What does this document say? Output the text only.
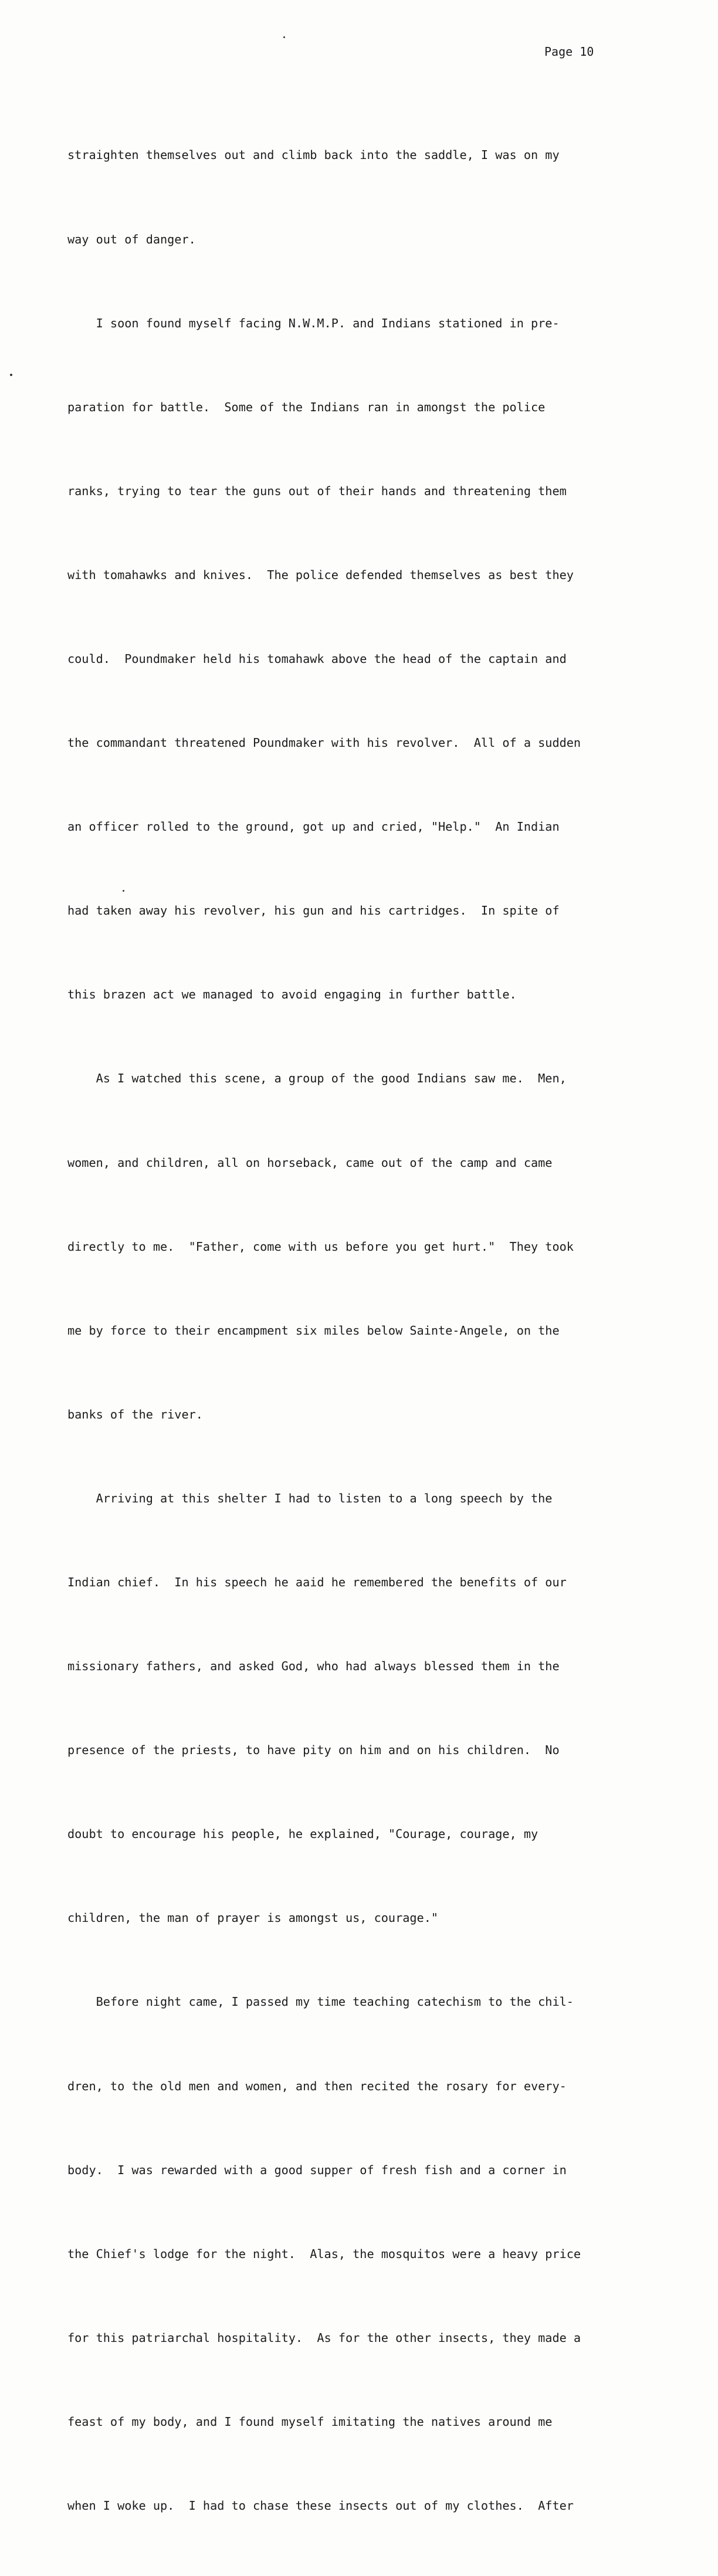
Page 10

straighten themselves out and climb back into the saddle, I was on my

way out of danger.

I soon found myself facing N.W.M.P. and Indians stationed in pre-

paration for battle.  Some of the Indians ran in amongst the police

ranks, trying to tear the guns out of their hands and threatening them

with tomahawks and knives.  The police defended themselves as best they

could.  Poundmaker held his tomahawk above the head of the captain and

the commandant threatened Poundmaker with his revolver.  All of a sudden

an officer rolled to the ground, got up and cried, "Help."  An Indian

had taken away his revolver, his gun and his cartridges.  In spite of

this brazen act we managed to avoid engaging in further battle.

As I watched this scene, a group of the good Indians saw me.  Men,

women, and children, all on horseback, came out of the camp and came

directly to me.  "Father, come with us before you get hurt."  They took

me by force to their encampment six miles below Sainte-Angele, on the

banks of the river.

Arriving at this shelter I had to listen to a long speech by the

Indian chief.  In his speech he aaid he remembered the benefits of our

missionary fathers, and asked God, who had always blessed them in the

presence of the priests, to have pity on him and on his children.  No

doubt to encourage his people, he explained, "Courage, courage, my

children, the man of prayer is amongst us, courage."

Before night came, I passed my time teaching catechism to the chil-

dren, to the old men and women, and then recited the rosary for every-

body.  I was rewarded with a good supper of fresh fish and a corner in

the Chief's lodge for the night.  Alas, the mosquitos were a heavy price

for this patriarchal hospitality.  As for the other insects, they made a

feast of my body, and I found myself imitating the natives around me

when I woke up.  I had to chase these insects out of my clothes.  After
